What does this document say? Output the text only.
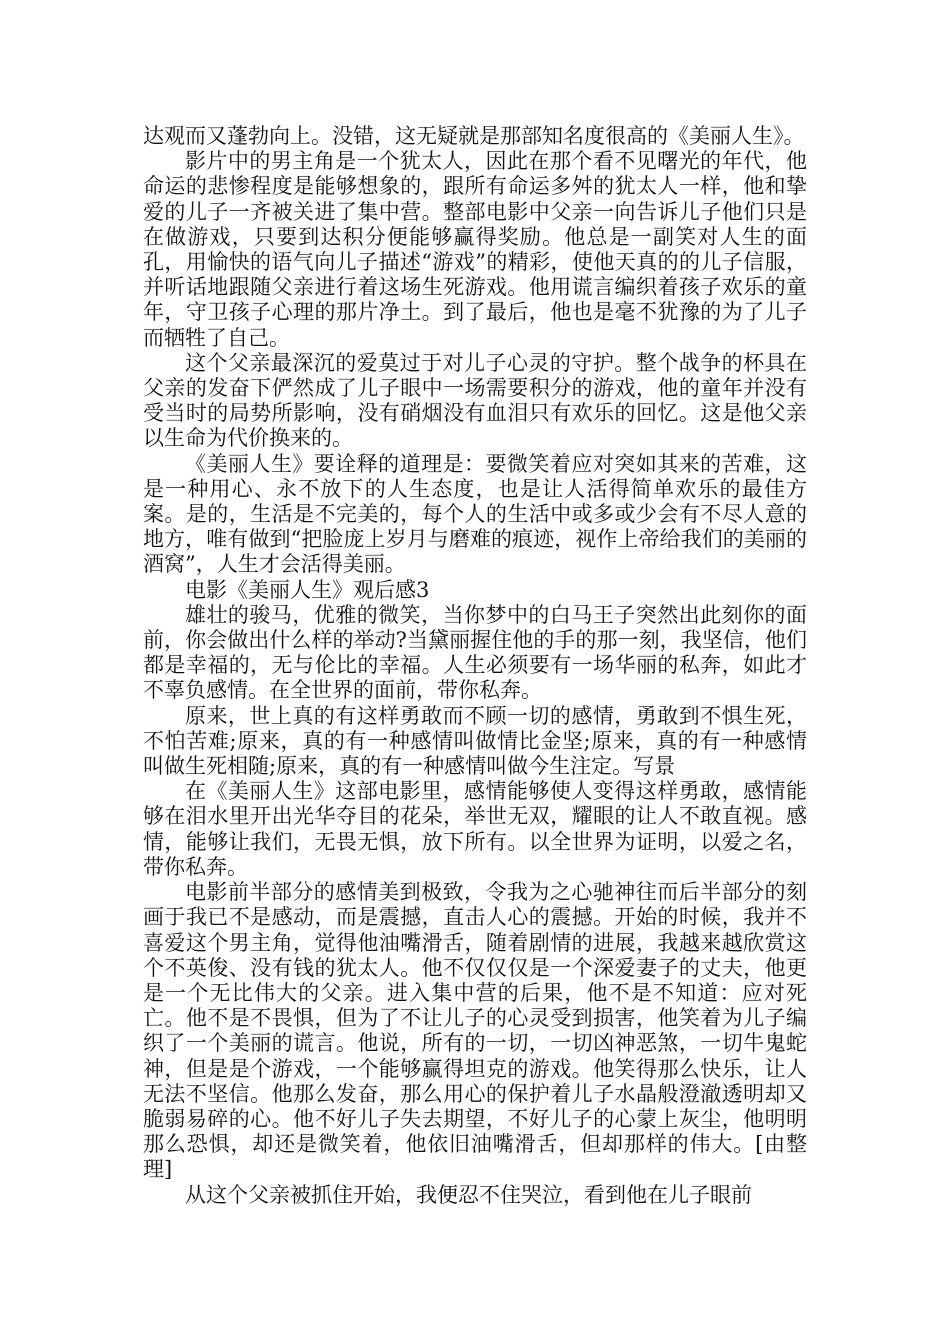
达观而又蓬勃向上。没错，这无疑就是那部知名度很高的《美丽人生》。

影片中的男主角是一个犹太人，因此在那个看不见曙光的年代，他命运的悲惨程度是能够想象的，跟所有命运多舛的犹太人一样，他和挚爱的儿子一齐被关进了集中营。整部电影中父亲一向告诉儿子他们只是在做游戏，只要到达积分便能够赢得奖励。他总是一副笑对人生的面孔，用愉快的语气向儿子描述“游戏”的精彩，使他天真的的儿子信服，并听话地跟随父亲进行着这场生死游戏。他用谎言编织着孩子欢乐的童年，守卫孩子心理的那片净土。到了最后，他也是毫不犹豫的为了儿子而牺牲了自己。

这个父亲最深沉的爱莫过于对儿子心灵的守护。整个战争的杯具在父亲的发奋下俨然成了儿子眼中一场需要积分的游戏，他的童年并没有受当时的局势所影响，没有硝烟没有血泪只有欢乐的回忆。这是他父亲以生命为代价换来的。

《美丽人生》要诠释的道理是：要微笑着应对突如其来的苦难，这是一种用心、永不放下的人生态度，也是让人活得简单欢乐的最佳方案。是的，生活是不完美的，每个人的生活中或多或少会有不尽人意的地方，唯有做到“把脸庞上岁月与磨难的痕迹，视作上帝给我们的美丽的酒窝”，人生才会活得美丽。

电影《美丽人生》观后感3

雄壮的骏马，优雅的微笑，当你梦中的白马王子突然出此刻你的面前，你会做出什么样的举动?当黛丽握住他的手的那一刻，我坚信，他们都是幸福的，无与伦比的幸福。人生必须要有一场华丽的私奔，如此才不辜负感情。在全世界的面前，带你私奔。

原来，世上真的有这样勇敢而不顾一切的感情，勇敢到不惧生死，不怕苦难;原来，真的有一种感情叫做情比金坚;原来，真的有一种感情叫做生死相随;原来，真的有一种感情叫做今生注定。写景

在《美丽人生》这部电影里，感情能够使人变得这样勇敢，感情能够在泪水里开出光华夺目的花朵，举世无双，耀眼的让人不敢直视。感情，能够让我们，无畏无惧，放下所有。以全世界为证明，以爱之名，带你私奔。

电影前半部分的感情美到极致，令我为之心驰神往而后半部分的刻画于我已不是感动，而是震撼，直击人心的震撼。开始的时候，我并不喜爱这个男主角，觉得他油嘴滑舌，随着剧情的进展，我越来越欣赏这个不英俊、没有钱的犹太人。他不仅仅仅是一个深爱妻子的丈夫，他更是一个无比伟大的父亲。进入集中营的后果，他不是不知道：应对死亡。他不是不畏惧，但为了不让儿子的心灵受到损害，他笑着为儿子编织了一个美丽的谎言。他说，所有的一切，一切凶神恶煞，一切牛鬼蛇神，但是是个游戏，一个能够赢得坦克的游戏。他笑得那么快乐，让人无法不坚信。他那么发奋，那么用心的保护着儿子水晶般澄澈透明却又脆弱易碎的心。他不好儿子失去期望，不好儿子的心蒙上灰尘，他明明那么恐惧，却还是微笑着，他依旧油嘴滑舌，但却那样的伟大。[由整理]

从这个父亲被抓住开始，我便忍不住哭泣，看到他在儿子眼前
